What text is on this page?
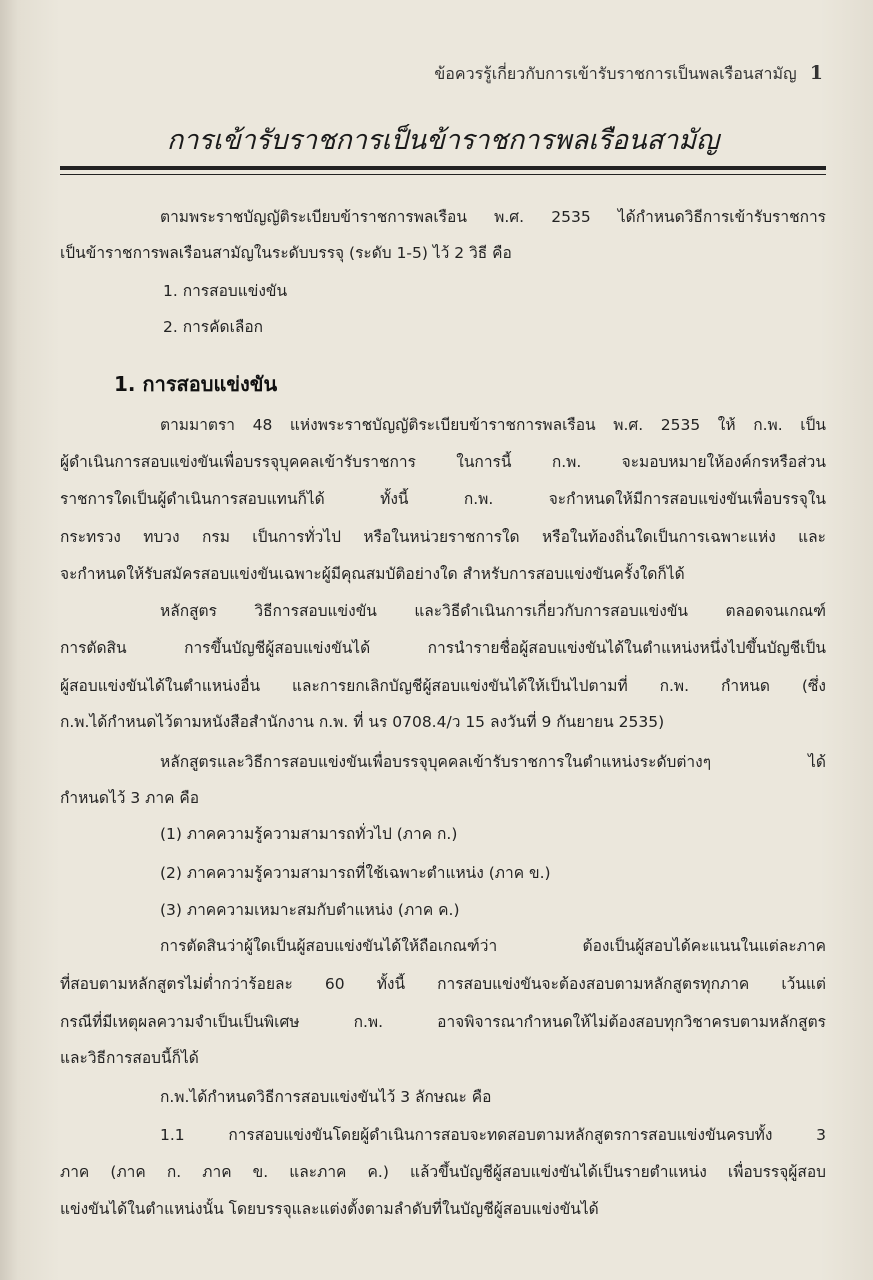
ข้อควรรู้เกี่ยวกับการเข้ารับราชการเป็นพลเรือนสามัญ 1
การเข้ารับราชการเป็นข้าราชการพลเรือนสามัญ
ตามพระราชบัญญัติระเบียบข้าราชการพลเรือน พ.ศ. 2535 ได้กำหนดวิธีการเข้ารับราชการ
เป็นข้าราชการพลเรือนสามัญในระดับบรรจุ (ระดับ 1-5) ไว้ 2 วิธี คือ
1. การสอบแข่งขัน
2. การคัดเลือก
1. การสอบแข่งขัน
ตามมาตรา 48 แห่งพระราชบัญญัติระเบียบข้าราชการพลเรือน พ.ศ. 2535 ให้ ก.พ. เป็น
ผู้ดำเนินการสอบแข่งขันเพื่อบรรจุบุคคลเข้ารับราชการ ในการนี้ ก.พ. จะมอบหมายให้องค์กรหรือส่วน
ราชการใดเป็นผู้ดำเนินการสอบแทนก็ได้ ทั้งนี้ ก.พ. จะกำหนดให้มีการสอบแข่งขันเพื่อบรรจุใน
กระทรวง ทบวง กรม เป็นการทั่วไป หรือในหน่วยราชการใด หรือในท้องถิ่นใดเป็นการเฉพาะแห่ง และ
จะกำหนดให้รับสมัครสอบแข่งขันเฉพาะผู้มีคุณสมบัติอย่างใด สำหรับการสอบแข่งขันครั้งใดก็ได้
หลักสูตร วิธีการสอบแข่งขัน และวิธีดำเนินการเกี่ยวกับการสอบแข่งขัน ตลอดจนเกณฑ์
การตัดสิน การขึ้นบัญชีผู้สอบแข่งขันได้ การนำรายชื่อผู้สอบแข่งขันได้ในตำแหน่งหนึ่งไปขึ้นบัญชีเป็น
ผู้สอบแข่งขันได้ในตำแหน่งอื่น และการยกเลิกบัญชีผู้สอบแข่งขันได้ให้เป็นไปตามที่ ก.พ. กำหนด (ซึ่ง
ก.พ.ได้กำหนดไว้ตามหนังสือสำนักงาน ก.พ. ที่ นร 0708.4/ว 15 ลงวันที่ 9 กันยายน 2535)
หลักสูตรและวิธีการสอบแข่งขันเพื่อบรรจุบุคคลเข้ารับราชการในตำแหน่งระดับต่างๆ ได้
กำหนดไว้ 3 ภาค คือ
(1) ภาคความรู้ความสามารถทั่วไป (ภาค ก.)
(2) ภาคความรู้ความสามารถที่ใช้เฉพาะตำแหน่ง (ภาค ข.)
(3) ภาคความเหมาะสมกับตำแหน่ง (ภาค ค.)
การตัดสินว่าผู้ใดเป็นผู้สอบแข่งขันได้ให้ถือเกณฑ์ว่า ต้องเป็นผู้สอบได้คะแนนในแต่ละภาค
ที่สอบตามหลักสูตรไม่ต่ำกว่าร้อยละ 60 ทั้งนี้ การสอบแข่งขันจะต้องสอบตามหลักสูตรทุกภาค เว้นแต่
กรณีที่มีเหตุผลความจำเป็นเป็นพิเศษ ก.พ. อาจพิจารณากำหนดให้ไม่ต้องสอบทุกวิชาครบตามหลักสูตร
และวิธีการสอบนี้ก็ได้
ก.พ.ได้กำหนดวิธีการสอบแข่งขันไว้ 3 ลักษณะ คือ
1.1 การสอบแข่งขันโดยผู้ดำเนินการสอบจะทดสอบตามหลักสูตรการสอบแข่งขันครบทั้ง 3
ภาค (ภาค ก. ภาค ข. และภาค ค.) แล้วขึ้นบัญชีผู้สอบแข่งขันได้เป็นรายตำแหน่ง เพื่อบรรจุผู้สอบ
แข่งขันได้ในตำแหน่งนั้น โดยบรรจุและแต่งตั้งตามลำดับที่ในบัญชีผู้สอบแข่งขันได้
